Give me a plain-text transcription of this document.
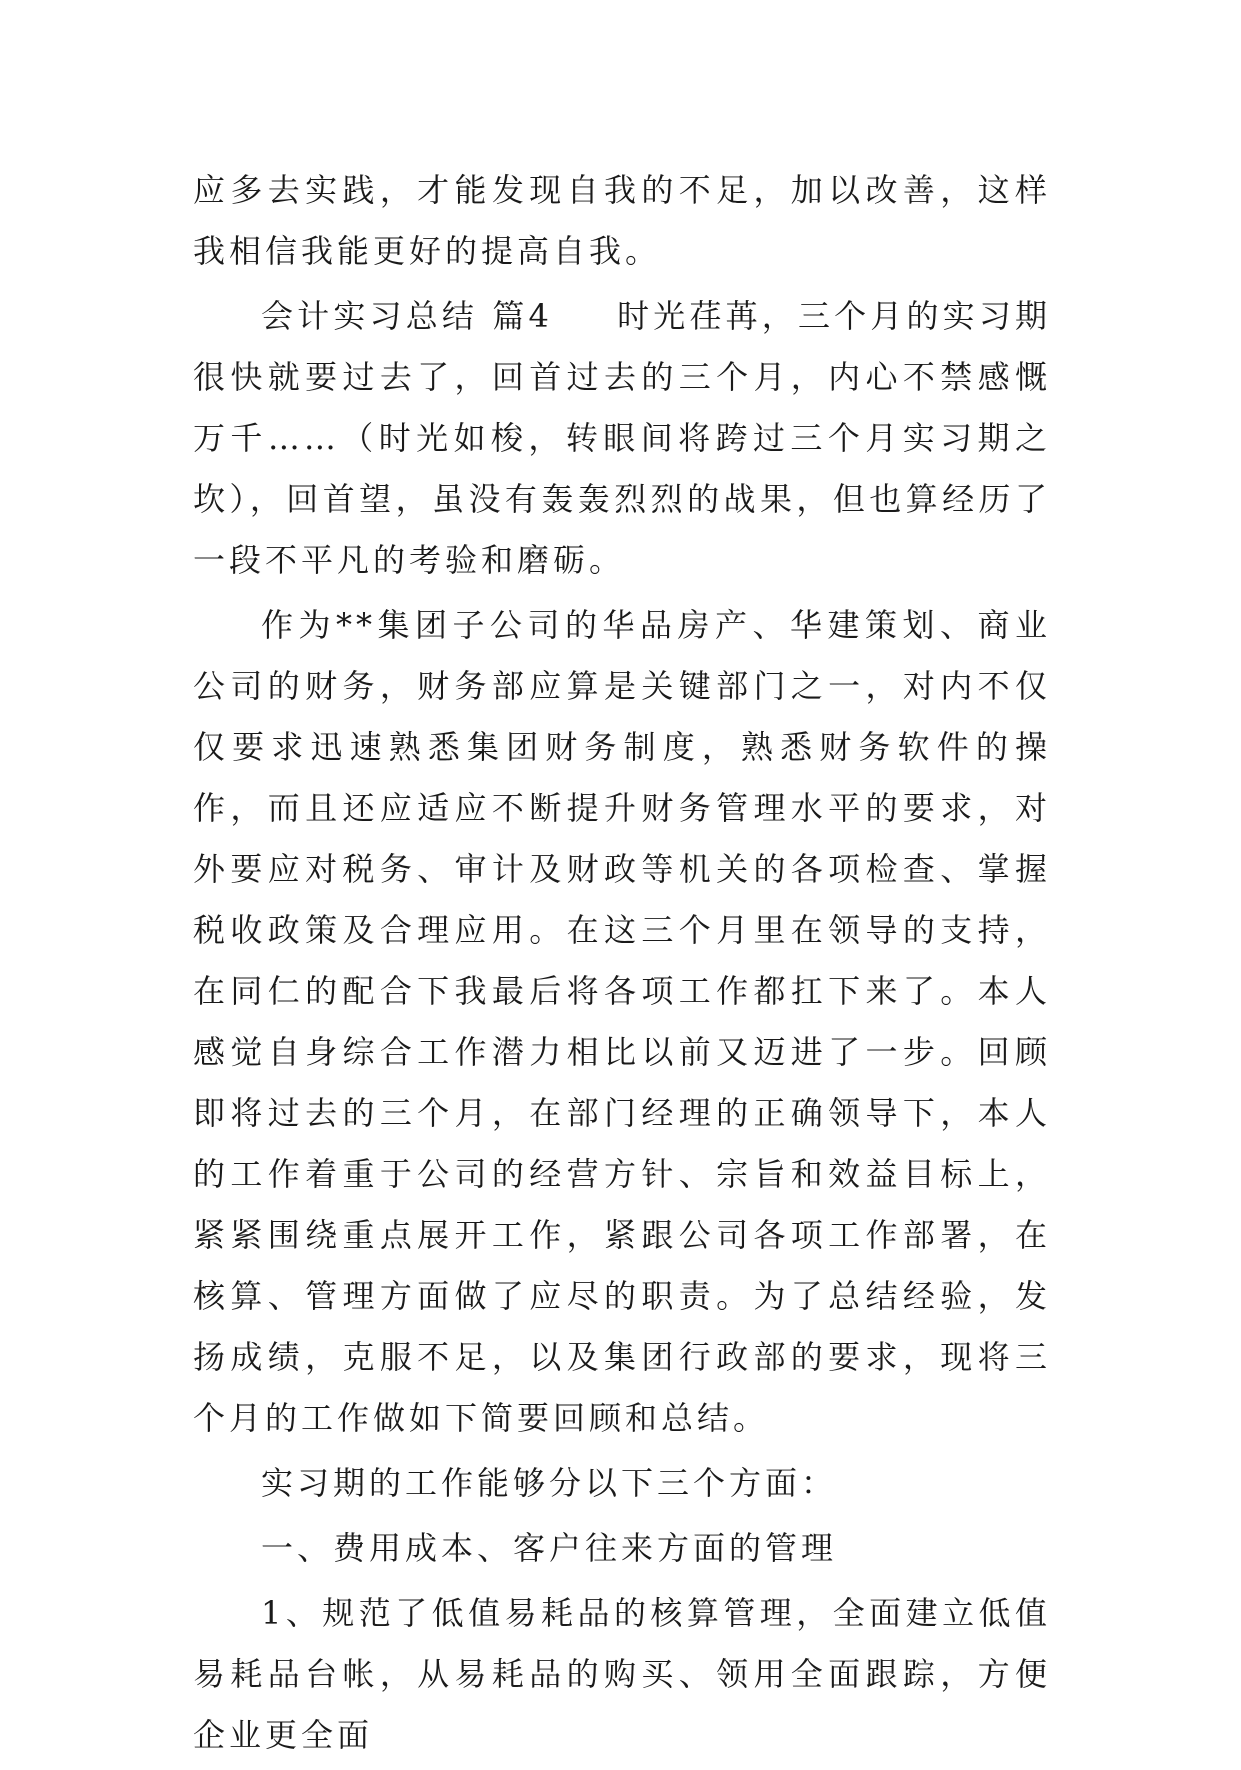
应多去实践，才能发现自我的不足，加以改善，这样我相信我能更好的提高自我。

会计实习总结 篇4 时光荏苒，三个月的实习期很快就要过去了，回首过去的三个月，内心不禁感慨万千……（时光如梭，转眼间将跨过三个月实习期之坎），回首望，虽没有轰轰烈烈的战果，但也算经历了一段不平凡的考验和磨砺。

作为**集团子公司的华品房产、华建策划、商业公司的财务，财务部应算是关键部门之一，对内不仅仅要求迅速熟悉集团财务制度，熟悉财务软件的操作，而且还应适应不断提升财务管理水平的要求，对外要应对税务、审计及财政等机关的各项检查、掌握税收政策及合理应用。在这三个月里在领导的支持，在同仁的配合下我最后将各项工作都扛下来了。本人感觉自身综合工作潜力相比以前又迈进了一步。回顾即将过去的三个月，在部门经理的正确领导下，本人的工作着重于公司的经营方针、宗旨和效益目标上，紧紧围绕重点展开工作，紧跟公司各项工作部署，在核算、管理方面做了应尽的职责。为了总结经验，发扬成绩，克服不足，以及集团行政部的要求，现将三个月的工作做如下简要回顾和总结。

实习期的工作能够分以下三个方面：

一、费用成本、客户往来方面的管理

1、规范了低值易耗品的核算管理，全面建立低值易耗品台帐，从易耗品的购买、领用全面跟踪，方便企业更全面
